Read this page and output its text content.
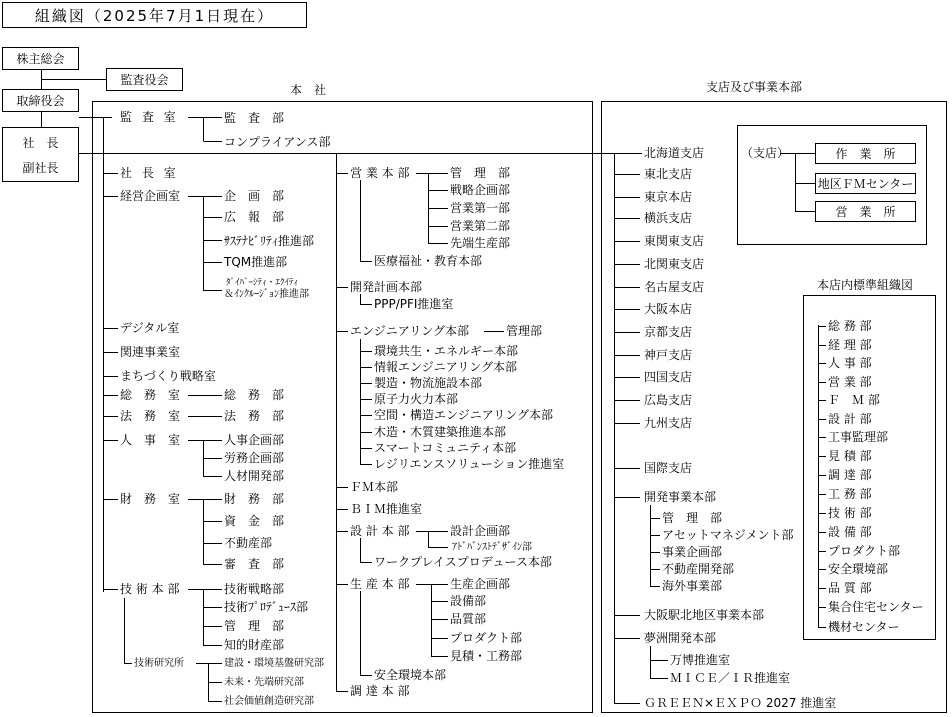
組織図（2025年7月1日現在）
株主総会
監査役会
取締役会
社　長
副社長
本　社	支店及び事業本部
本店内標準組織図
監 査 室	監　査　部
コンプライアンス部
社 長 室
経営企画室	企　画　部
広　報　部
ｻｽﾃﾅﾋﾞﾘﾃｨ推進部
TQM推進部
ﾀﾞｲﾊﾞｰｼﾃｨ・ｴｸｲﾃｨ
＆ｲﾝｸﾙｰｼﾞｮﾝ推進部
デジタル室
関連事業室
まちづくり戦略室
総　務　室	総　務　部
法　務　室	法　務　部
人　事　室	人事企画部
労務企画部
人材開発部
財　務　室	財　務　部
資　金　部
不動産部
審　査　部
技 術 本 部	技術戦略部
技術ﾌﾟﾛﾃﾞｭｰｽ部
管　理　部
知的財産部
技術研究所	建設・環境基盤研究部
未来・先端研究部
社会価値創造研究部
営 業 本 部	管　理　部
戦略企画部
営業第一部
営業第二部
先端生産部
医療福祉・教育本部
開発計画本部
PPP/PFI推進室
エンジニアリング本部	管理部
環境共生・エネルギー本部
情報エンジニアリング本部
製造・物流施設本部
原子力火力本部
空間・構造エンジニアリング本部
木造・木質建築推進本部
スマートコミュニティ本部
レジリエンスソリューション推進室
ＦＭ本部
ＢＩＭ推進室
設 計 本 部	設計企画部
ｱﾄﾞﾊﾞﾝｽﾄﾃﾞｻﾞｲﾝ部
ワークプレイスプロデュース本部
生 産 本 部	生産企画部
設備部
品質部
プロダクト部
見積・工務部
安全環境本部
調 達 本 部
北海道支店
東北支店
東京本店
横浜支店
東関東支店
北関東支店
名古屋支店
大阪本店
京都支店
神戸支店
四国支店
広島支店
九州支店
国際支店
開発事業本部
管　理　部
アセットマネジメント部
事業企画部
不動産開発部
海外事業部
大阪駅北地区事業本部
夢洲開発本部
万博推進室
ＭＩＣＥ／ＩＲ推進室
ＧＲＥＥＮ×ＥＸＰＯ 2027 推進室
（支店）	作　業　所
地区ＦＭセンター
営　業　所
総 務 部
経 理 部
人 事 部
営 業 部
Ｆ　Ｍ 部
設 計 部
工事監理部
見 積 部
調 達 部
工 務 部
技 術 部
設 備 部
プロダクト部
安全環境部
品 質 部
集合住宅センター
機材センター
